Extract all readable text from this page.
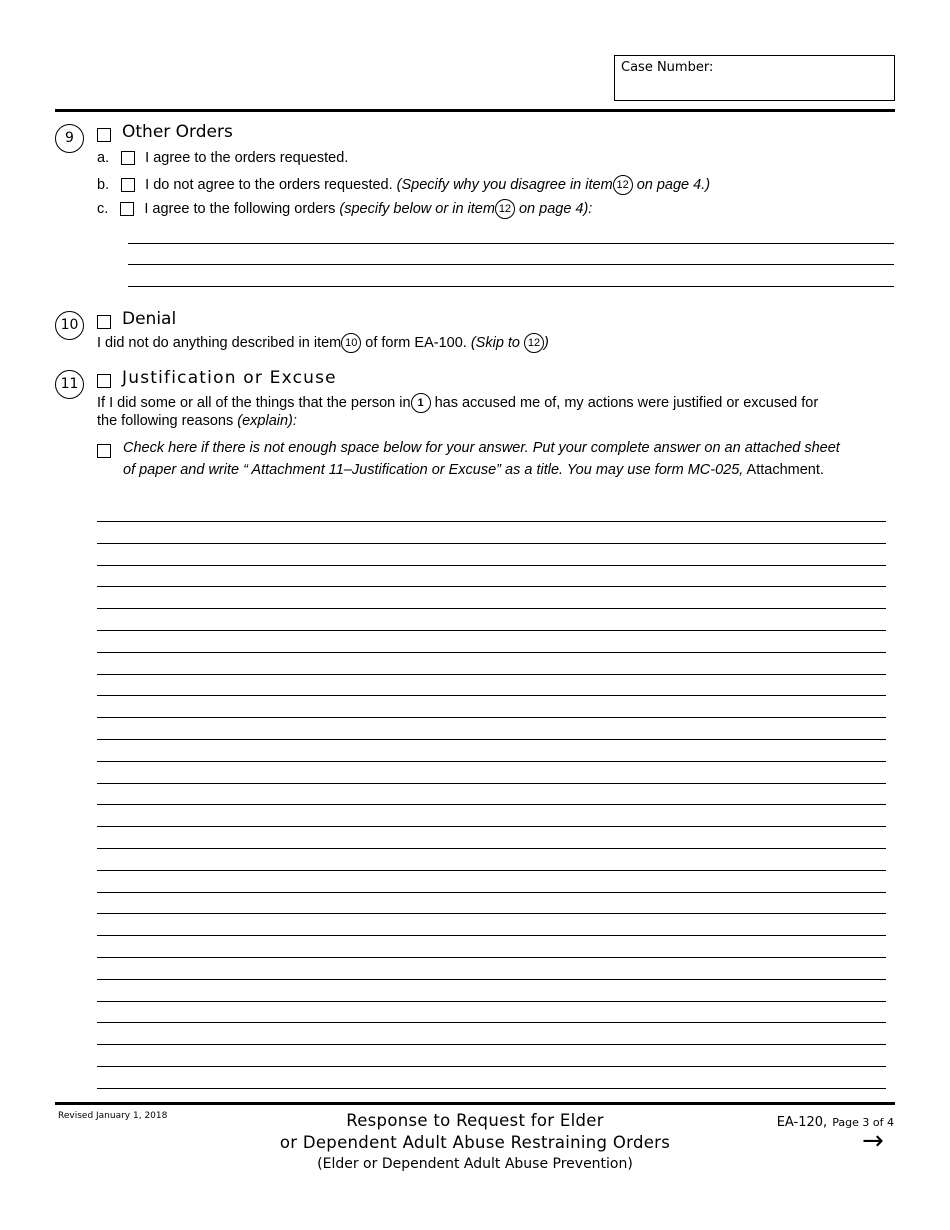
Case Number:
9	Other Orders
a. I agree to the orders requested.
b. I do not agree to the orders requested. (Specify why you disagree in item 12 on page 4.)
c. I agree to the following orders (specify below or in item 12 on page 4):
10	Denial
I did not do anything described in item 10 of form EA-100. (Skip to 12 )
11	Justification or Excuse
If I did some or all of the things that the person in 1 has accused me of, my actions were justified or excused for
the following reasons (explain):
Check here if there is not enough space below for your answer. Put your complete answer on an attached sheet
of paper and write “ Attachment 11–Justification or Excuse” as a title. You may use form MC-025, Attachment.
Revised January 1, 2018	Response to Request for Elder
or Dependent Adult Abuse Restraining Orders
(Elder or Dependent Adult Abuse Prevention)
EA-120, Page 3 of 4
→
